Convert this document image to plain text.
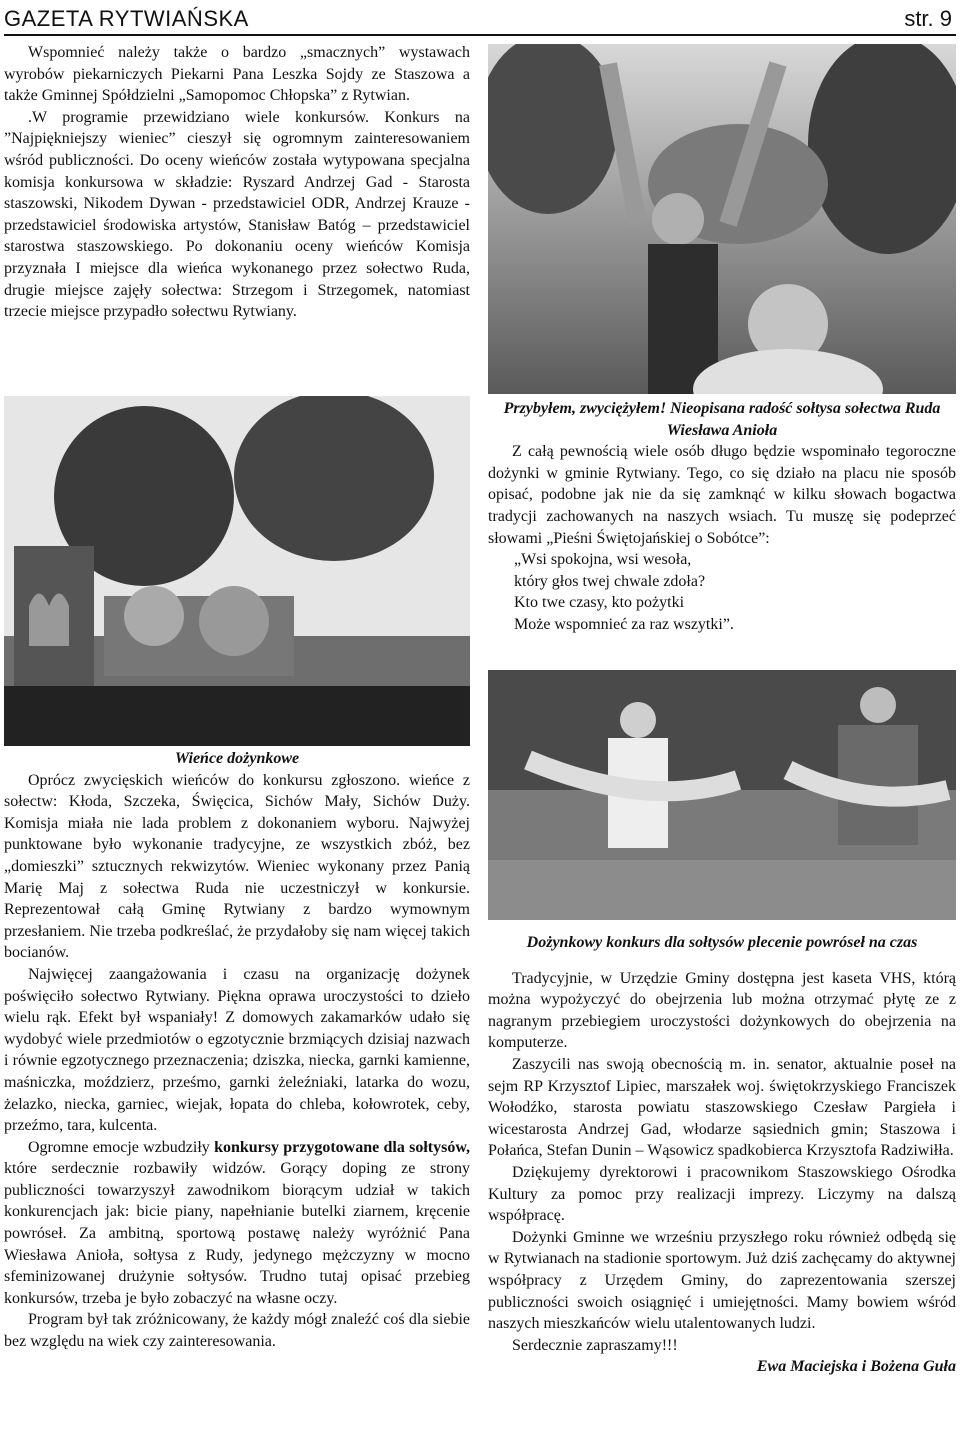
GAZETA RYTWIAŃSKA	str. 9

Wspomnieć należy także o bardzo „smacznych” wystawach wyrobów piekarniczych Piekarni Pana Leszka Sojdy ze Staszowa a także Gminnej Spółdzielni „Samopomoc Chłopska” z Rytwian.

.W programie przewidziano wiele konkursów. Konkurs na ”Najpiękniejszy wieniec” cieszył się ogromnym zainteresowaniem wśród publiczności. Do oceny wieńców została wytypowana specjalna komisja konkursowa w składzie: Ryszard Andrzej Gad - Starosta staszowski, Nikodem Dywan - przedstawiciel ODR, Andrzej Krauze - przedstawiciel środowiska artystów, Stanisław Batóg – przedstawiciel starostwa staszowskiego. Po dokonaniu oceny wieńców Komisja przyznała I miejsce dla wieńca wykonanego przez sołectwo Ruda, drugie miejsce zajęły sołectwa: Strzegom i Strzegomek, natomiast trzecie miejsce przypadło sołectwu Rytwiany.

Przybyłem, zwyciężyłem! Nieopisana radość sołtysa sołectwa Ruda Wiesława Anioła

Z całą pewnością wiele osób długo będzie wspominało tegoroczne dożynki w gminie Rytwiany. Tego, co się działo na placu nie sposób opisać, podobne jak nie da się zamknąć w kilku słowach bogactwa tradycji zachowanych na naszych wsiach. Tu muszę się podeprzeć słowami „Pieśni Świętojańskiej o Sobótce”:

„Wsi spokojna, wsi wesoła,
który głos twej chwale zdoła?
Kto twe czasy, kto pożytki
Może wspomnieć za raz wszytki”.

Wieńce dożynkowe

Oprócz zwycięskich wieńców do konkursu zgłoszono. wieńce z sołectw: Kłoda, Szczeka, Święcica, Sichów Mały, Sichów Duży. Komisja miała nie lada problem z dokonaniem wyboru. Najwyżej punktowane było wykonanie tradycyjne, ze wszystkich zbóż, bez „domieszki” sztucznych rekwizytów. Wieniec wykonany przez Panią Marię Maj z sołectwa Ruda nie uczestniczył w konkursie. Reprezentował całą Gminę Rytwiany z bardzo wymownym przesłaniem. Nie trzeba podkreślać, że przydałoby się nam więcej takich bocianów.

Najwięcej zaangażowania i czasu na organizację dożynek poświęciło sołectwo Rytwiany. Piękna oprawa uroczystości to dzieło wielu rąk. Efekt był wspaniały! Z domowych zakamarków udało się wydobyć wiele przedmiotów o egzotycznie brzmiących dzisiaj nazwach i równie egzotycznego przeznaczenia; dziszka, niecka, garnki kamienne, maśniczka, moździerz, prześmo, garnki żeleźniaki, latarka do wozu, żelazko, niecka, garniec, wiejak, łopata do chleba, kołowrotek, ceby, przeźmo, tara, kulcenta.

Ogromne emocje wzbudziły konkursy przygotowane dla sołtysów, które serdecznie rozbawiły widzów. Gorący doping ze strony publiczności towarzyszył zawodnikom biorącym udział w takich konkurencjach jak: bicie piany, napełnianie butelki ziarnem, kręcenie powróseł. Za ambitną, sportową postawę należy wyróżnić Pana Wiesława Anioła, sołtysa z Rudy, jedynego mężczyzny w mocno sfeminizowanej drużynie sołtysów. Trudno tutaj opisać przebieg konkursów, trzeba je było zobaczyć na własne oczy.

Program był tak zróżnicowany, że każdy mógł znaleźć coś dla siebie bez względu na wiek czy zainteresowania.

Dożynkowy konkurs dla sołtysów plecenie powróseł na czas

Tradycyjnie, w Urzędzie Gminy dostępna jest kaseta VHS, którą można wypożyczyć do obejrzenia lub można otrzymać płytę ze z nagranym przebiegiem uroczystości dożynkowych do obejrzenia na komputerze.

Zaszycili nas swoją obecnością m. in. senator, aktualnie poseł na sejm RP Krzysztof Lipiec, marszałek woj. świętokrzyskiego Franciszek Wołodźko, starosta powiatu staszowskiego Czesław Pargieła i wicestarosta Andrzej Gad, włodarze sąsiednich gmin; Staszowa i Połańca, Stefan Dunin – Wąsowicz spadkobierca Krzysztofa Radziwiłła.

Dziękujemy dyrektorowi i pracownikom Staszowskiego Ośrodka Kultury za pomoc przy realizacji imprezy. Liczymy na dalszą współpracę.

Dożynki Gminne we wrześniu przyszłego roku również odbędą się w Rytwianach na stadionie sportowym. Już dziś zachęcamy do aktywnej współpracy z Urzędem Gminy, do zaprezentowania szerszej publiczności swoich osiągnięć i umiejętności. Mamy bowiem wśród naszych mieszkańców wielu utalentowanych ludzi.

Serdecznie zapraszamy!!!

Ewa Maciejska i Bożena Guła
